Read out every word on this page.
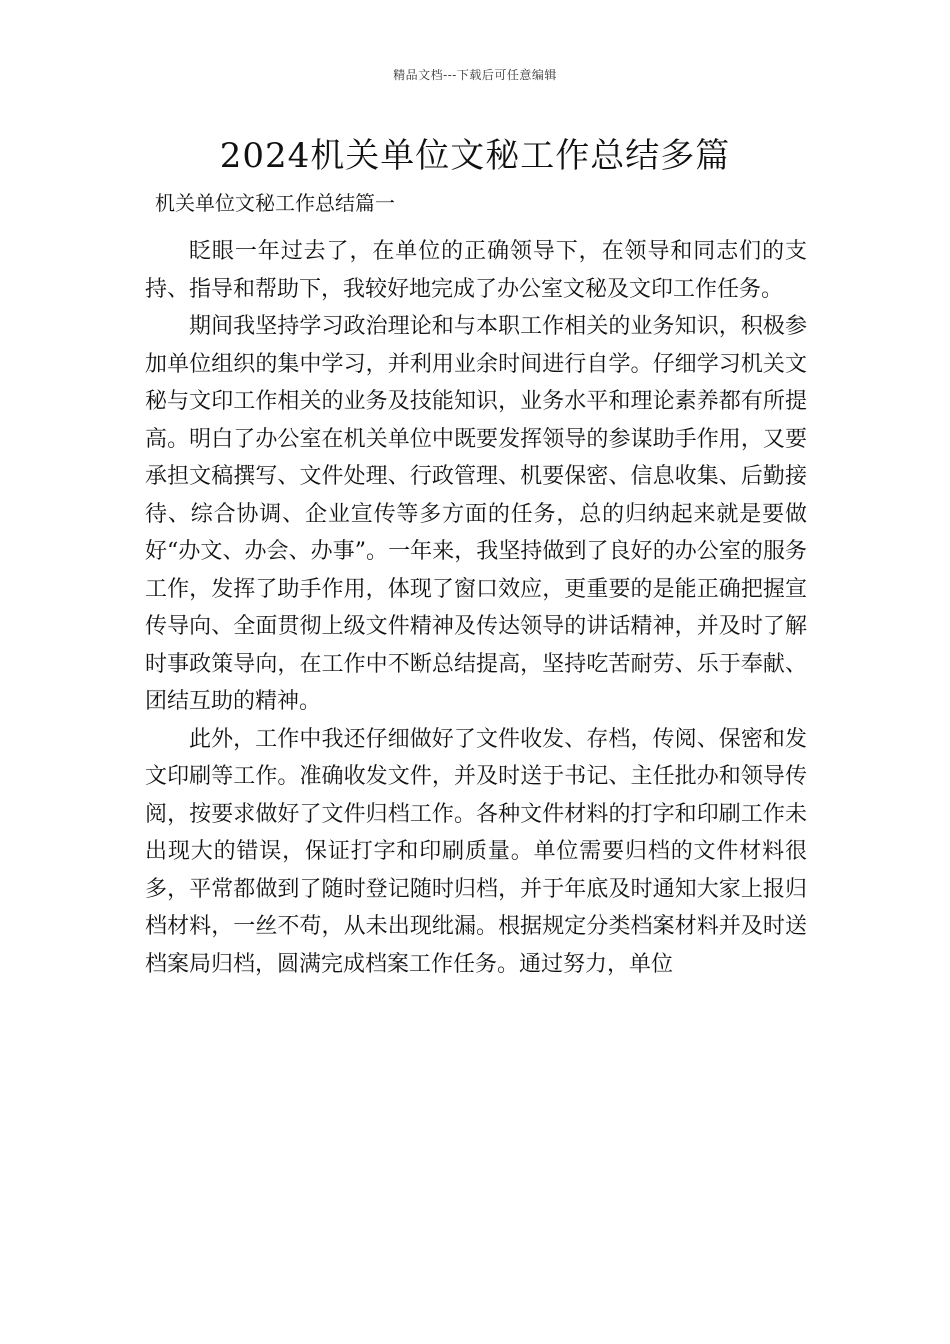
精品文档---下载后可任意编辑
2024机关单位文秘工作总结多篇
机关单位文秘工作总结篇一

眨眼一年过去了，在单位的正确领导下，在领导和同志们的支持、指导和帮助下，我较好地完成了办公室文秘及文印工作任务。

期间我坚持学习政治理论和与本职工作相关的业务知识，积极参加单位组织的集中学习，并利用业余时间进行自学。仔细学习机关文秘与文印工作相关的业务及技能知识，业务水平和理论素养都有所提高。明白了办公室在机关单位中既要发挥领导的参谋助手作用，又要承担文稿撰写、文件处理、行政管理、机要保密、信息收集、后勤接待、综合协调、企业宣传等多方面的任务，总的归纳起来就是要做好“办文、办会、办事”。一年来，我坚持做到了良好的办公室的服务工作，发挥了助手作用，体现了窗口效应，更重要的是能正确把握宣传导向、全面贯彻上级文件精神及传达领导的讲话精神，并及时了解时事政策导向，在工作中不断总结提高，坚持吃苦耐劳、乐于奉献、团结互助的精神。

此外，工作中我还仔细做好了文件收发、存档，传阅、保密和发文印刷等工作。准确收发文件，并及时送于书记、主任批办和领导传阅，按要求做好了文件归档工作。各种文件材料的打字和印刷工作未出现大的错误，保证打字和印刷质量。单位需要归档的文件材料很多，平常都做到了随时登记随时归档，并于年底及时通知大家上报归档材料，一丝不苟，从未出现纰漏。根据规定分类档案材料并及时送档案局归档，圆满完成档案工作任务。通过努力，单位
